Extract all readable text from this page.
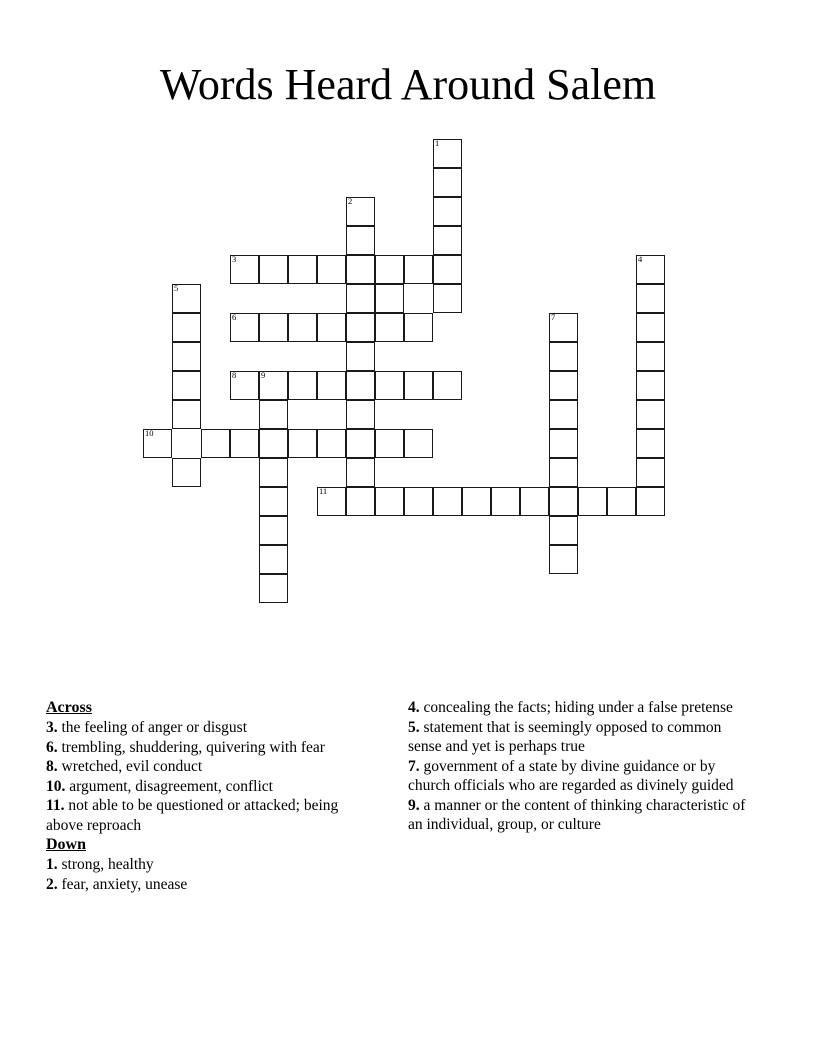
Words Heard Around Salem
1
2
3	4
5
6	7
8	9
10
11
Across
3. the feeling of anger or disgust
6. trembling, shuddering, quivering with fear
8. wretched, evil conduct
10. argument, disagreement, conflict
11. not able to be questioned or attacked; being above reproach
Down
1. strong, healthy
2. fear, anxiety, unease
4. concealing the facts; hiding under a false pretense
5. statement that is seemingly opposed to common sense and yet is perhaps true
7. government of a state by divine guidance or by church officials who are regarded as divinely guided
9. a manner or the content of thinking characteristic of an individual, group, or culture
